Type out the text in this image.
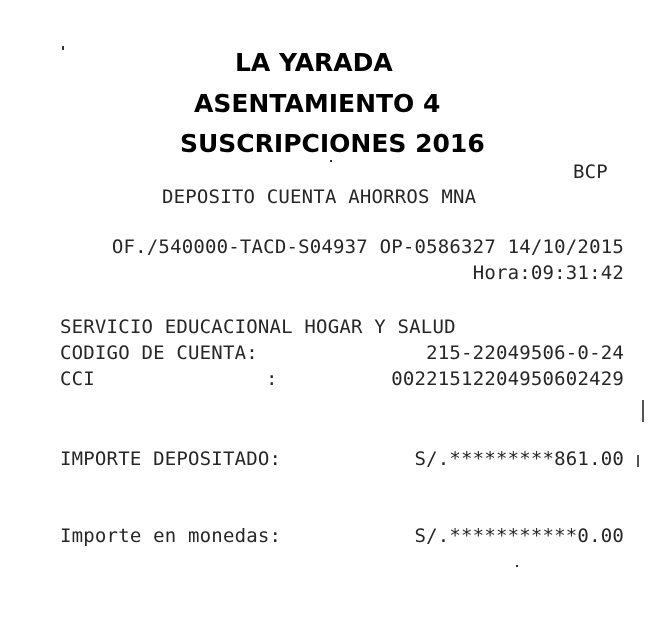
LA YARADA
ASENTAMIENTO 4
SUSCRIPCIONES 2016
BCP
DEPOSITO CUENTA AHORROS MNA
OF./540000-TACD-S04937 OP-0586327 14/10/2015
Hora:09:31:42
SERVICIO EDUCACIONAL HOGAR Y SALUD
CODIGO DE CUENTA:	215-22049506-0-24
CCI	:	00221512204950602429
IMPORTE DEPOSITADO:	S/.*********861.00
Importe en monedas:	S/.***********0.00
